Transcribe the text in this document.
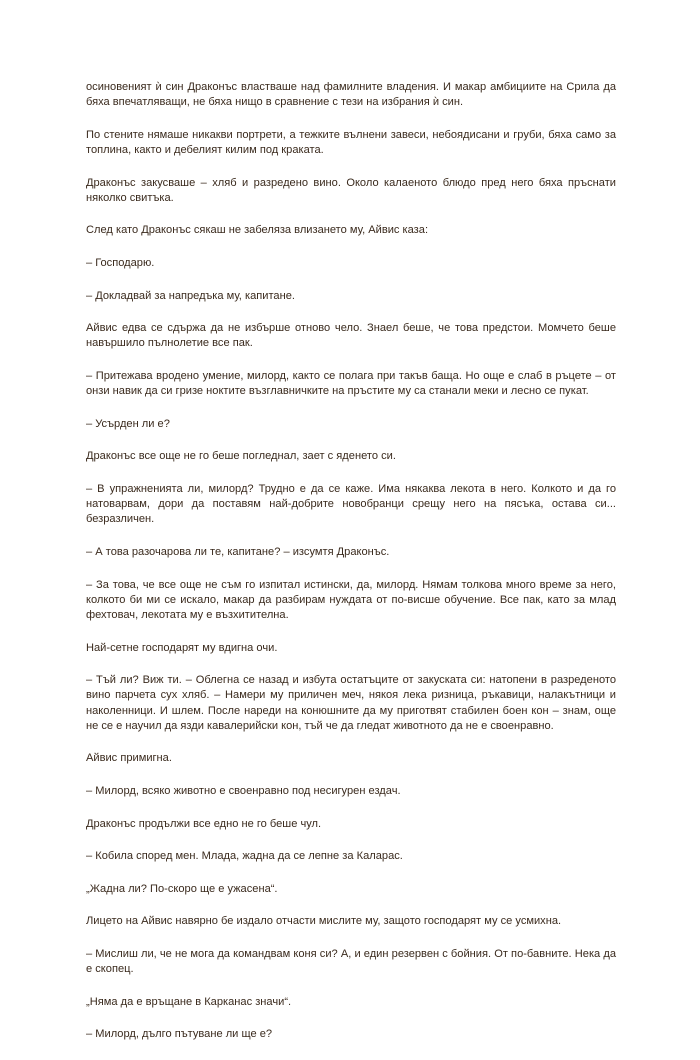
осиновеният ѝ син Драконъс властваше над фамилните владения. И макар амбициите на Срила да бяха впечатляващи, не бяха нищо в сравнение с тези на избрания ѝ син.

По стените нямаше никакви портрети, а тежките вълнени завеси, небоядисани и груби, бяха само за топлина, както и дебелият килим под краката.

Драконъс закусваше – хляб и разредено вино. Около калаеното блюдо пред него бяха пръснати няколко свитъка.

След като Драконъс сякаш не забеляза влизането му, Айвис каза:

– Господарю.

– Докладвай за напредъка му, капитане.

Айвис едва се сдържа да не избърше отново чело. Знаел беше, че това предстои. Момчето беше навършило пълнолетие все пак.

– Притежава вродено умение, милорд, както се полага при такъв баща. Но още е слаб в ръцете – от онзи навик да си гризе ноктите възглавничките на пръстите му са станали меки и лесно се пукат.

– Усърден ли е?

Драконъс все още не го беше погледнал, зает с яденето си.

– В упражненията ли, милорд? Трудно е да се каже. Има някаква лекота в него. Колкото и да го натоварвам, дори да поставям най-добрите новобранци срещу него на пясъка, остава си... безразличен.

– А това разочарова ли те, капитане? – изсумтя Драконъс.

– За това, че все още не съм го изпитал истински, да, милорд. Нямам толкова много време за него, колкото би ми се искало, макар да разбирам нуждата от по-висше обучение. Все пак, като за млад фехтовач, лекотата му е възхитителна.

Най-сетне господарят му вдигна очи.

– Тъй ли? Виж ти. – Облегна се назад и избута остатъците от закуската си: натопени в разреденото вино парчета сух хляб. – Намери му приличен меч, някоя лека ризница, ръкавици, налакътници и наколенници. И шлем. После нареди на конюшните да му приготвят стабилен боен кон – знам, още не се е научил да язди кавалерийски кон, тъй че да гледат животното да не е своенравно.

Айвис примигна.

– Милорд, всяко животно е своенравно под несигурен ездач.

Драконъс продължи все едно не го беше чул.

– Кобила според мен. Млада, жадна да се лепне за Каларас.

„Жадна ли? По-скоро ще е ужасена“.

Лицето на Айвис навярно бе издало отчасти мислите му, защото господарят му се усмихна.

– Мислиш ли, че не мога да командвам коня си? А, и един резервен с бойния. От по-бавните. Нека да е скопец.

„Няма да е връщане в Карканас значи“.

– Милорд, дълго пътуване ли ще е?
